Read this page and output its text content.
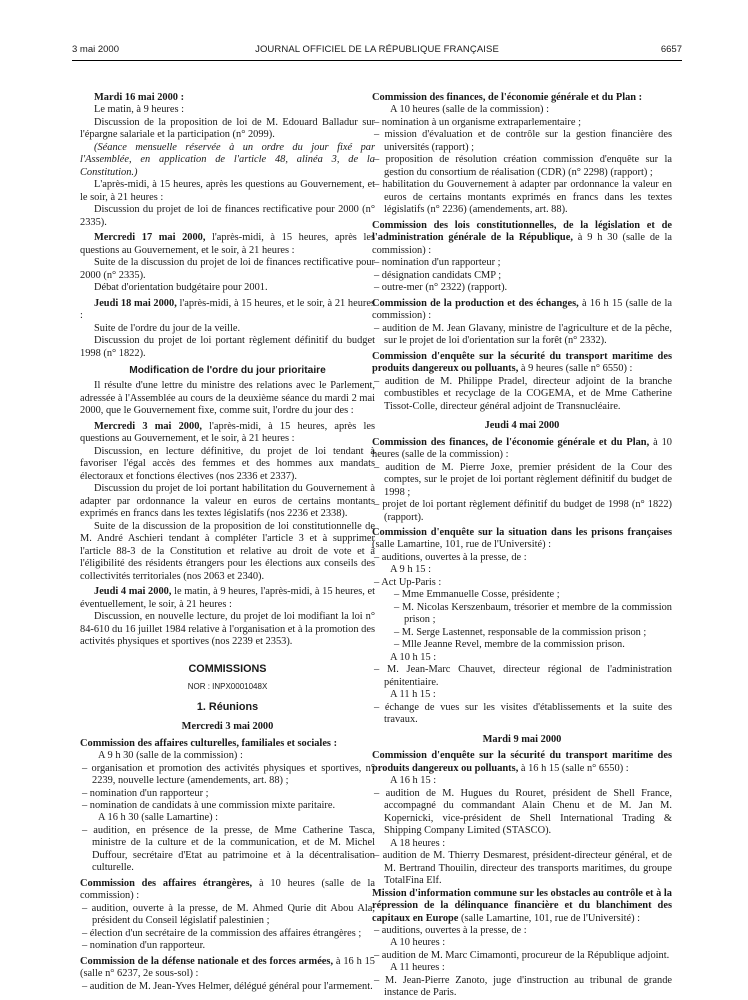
3 mai 2000	JOURNAL OFFICIEL DE LA RÉPUBLIQUE FRANÇAISE	6657

Mardi 16 mai 2000 :

Le matin, à 9 heures :

Discussion de la proposition de loi de M. Edouard Balladur sur l'épargne salariale et la participation (n° 2099).

(Séance mensuelle réservée à un ordre du jour fixé par l'Assemblée, en application de l'article 48, alinéa 3, de la Constitution.)

L'après-midi, à 15 heures, après les questions au Gouvernement, et le soir, à 21 heures :

Discussion du projet de loi de finances rectificative pour 2000 (n° 2335).

Mercredi 17 mai 2000, l'après-midi, à 15 heures, après les questions au Gouvernement, et le soir, à 21 heures :

Suite de la discussion du projet de loi de finances rectificative pour 2000 (n° 2335).

Débat d'orientation budgétaire pour 2001.

Jeudi 18 mai 2000, l'après-midi, à 15 heures, et le soir, à 21 heures :

Suite de l'ordre du jour de la veille.

Discussion du projet de loi portant règlement définitif du budget 1998 (n° 1822).

Modification de l'ordre du jour prioritaire

Il résulte d'une lettre du ministre des relations avec le Parlement, adressée à l'Assemblée au cours de la deuxième séance du mardi 2 mai 2000, que le Gouvernement fixe, comme suit, l'ordre du jour des :

Mercredi 3 mai 2000, l'après-midi, à 15 heures, après les questions au Gouvernement, et le soir, à 21 heures :

Discussion, en lecture définitive, du projet de loi tendant à favoriser l'égal accès des femmes et des hommes aux mandats électoraux et fonctions électives (nos 2336 et 2337).

Discussion du projet de loi portant habilitation du Gouvernement à adapter par ordonnance la valeur en euros de certains montants exprimés en francs dans les textes législatifs (nos 2236 et 2338).

Suite de la discussion de la proposition de loi constitutionnelle de M. André Aschieri tendant à compléter l'article 3 et à supprimer l'article 88-3 de la Constitution et relative au droit de vote et à l'éligibilité des résidents étrangers pour les élections aux conseils des collectivités territoriales (nos 2063 et 2340).

Jeudi 4 mai 2000, le matin, à 9 heures, l'après-midi, à 15 heures, et éventuellement, le soir, à 21 heures :

Discussion, en nouvelle lecture, du projet de loi modifiant la loi n° 84-610 du 16 juillet 1984 relative à l'organisation et à la promotion des activités physiques et sportives (nos 2239 et 2353).

COMMISSIONS

NOR : INPX0001048X

1. Réunions

Mercredi 3 mai 2000

Commission des affaires culturelles, familiales et sociales :

A 9 h 30 (salle de la commission) :

– organisation et promotion des activités physiques et sportives, n° 2239, nouvelle lecture (amendements, art. 88) ;

– nomination d'un rapporteur ;

– nomination de candidats à une commission mixte paritaire.

A 16 h 30 (salle Lamartine) :

– audition, en présence de la presse, de Mme Catherine Tasca, ministre de la culture et de la communication, et de M. Michel Duffour, secrétaire d'Etat au patrimoine et à la décentralisation culturelle.

Commission des affaires étrangères, à 10 heures (salle de la commission) :

– audition, ouverte à la presse, de M. Ahmed Qurie dit Abou Ala, président du Conseil législatif palestinien ;

– élection d'un secrétaire de la commission des affaires étrangères ;

– nomination d'un rapporteur.

Commission de la défense nationale et des forces armées, à 16 h 15 (salle n° 6237, 2e sous-sol) :

– audition de M. Jean-Yves Helmer, délégué général pour l'armement.

Commission des finances, de l'économie générale et du Plan :

A 10 heures (salle de la commission) :

– nomination à un organisme extraparlementaire ;

– mission d'évaluation et de contrôle sur la gestion financière des universités (rapport) ;

– proposition de résolution création commission d'enquête sur la gestion du consortium de réalisation (CDR) (n° 2298) (rapport) ;

– habilitation du Gouvernement à adapter par ordonnance la valeur en euros de certains montants exprimés en francs dans les textes législatifs (n° 2236) (amendements, art. 88).

Commission des lois constitutionnelles, de la législation et de l'administration générale de la République, à 9 h 30 (salle de la commission) :

– nomination d'un rapporteur ;

– désignation candidats CMP ;

– outre-mer (n° 2322) (rapport).

Commission de la production et des échanges, à 16 h 15 (salle de la commission) :

– audition de M. Jean Glavany, ministre de l'agriculture et de la pêche, sur le projet de loi d'orientation sur la forêt (n° 2332).

Commission d'enquête sur la sécurité du transport maritime des produits dangereux ou polluants, à 9 heures (salle n° 6550) :

– audition de M. Philippe Pradel, directeur adjoint de la branche combustibles et recyclage de la COGEMA, et de Mme Catherine Tissot-Colle, directeur général adjoint de Transnucléaire.

Jeudi 4 mai 2000

Commission des finances, de l'économie générale et du Plan, à 10 heures (salle de la commission) :

– audition de M. Pierre Joxe, premier président de la Cour des comptes, sur le projet de loi portant règlement définitif du budget de 1998 ;

– projet de loi portant règlement définitif du budget de 1998 (n° 1822) (rapport).

Commission d'enquête sur la situation dans les prisons françaises (salle Lamartine, 101, rue de l'Université) :

– auditions, ouvertes à la presse, de :

A 9 h 15 :

– Act Up-Paris :

– Mme Emmanuelle Cosse, présidente ;

– M. Nicolas Kerszenbaum, trésorier et membre de la commission prison ;

– M. Serge Lastennet, responsable de la commission prison ;

– Mlle Jeanne Revel, membre de la commission prison.

A 10 h 15 :

– M. Jean-Marc Chauvet, directeur régional de l'administration pénitentiaire.

A 11 h 15 :

– échange de vues sur les visites d'établissements et la suite des travaux.

Mardi 9 mai 2000

Commission d'enquête sur la sécurité du transport maritime des produits dangereux ou polluants, à 16 h 15 (salle n° 6550) :

A 16 h 15 :

– audition de M. Hugues du Rouret, président de Shell France, accompagné du commandant Alain Chenu et de M. Jan M. Kopernicki, vice-président de Shell International Trading & Shipping Company Limited (STASCO).

A 18 heures :

– audition de M. Thierry Desmarest, président-directeur général, et de M. Bertrand Thouilin, directeur des transports maritimes, du groupe TotalFina Elf.

Mission d'information commune sur les obstacles au contrôle et à la répression de la délinquance financière et du blanchiment des capitaux en Europe (salle Lamartine, 101, rue de l'Université) :

– auditions, ouvertes à la presse, de :

A 10 heures :

– audition de M. Marc Cimamonti, procureur de la République adjoint.

A 11 heures :

– M. Jean-Pierre Zanoto, juge d'instruction au tribunal de grande instance de Paris.
